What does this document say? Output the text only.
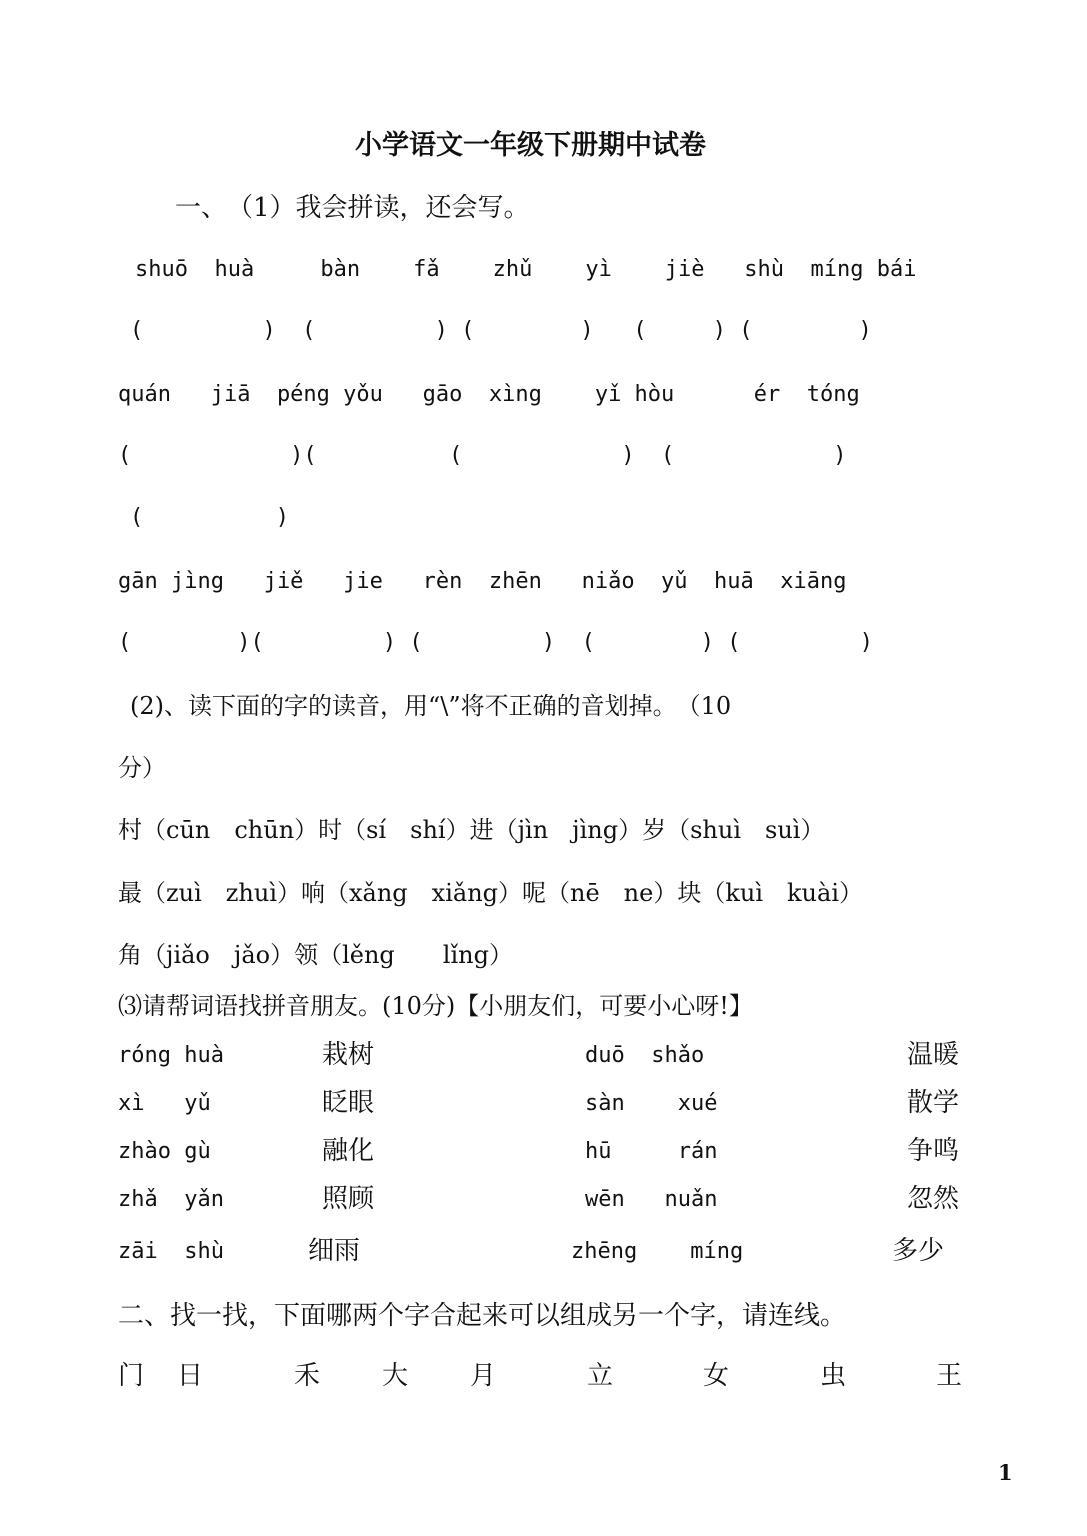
小学语文一年级下册期中试卷
一、　（1）我会拼读，还会写。
shuō  huà     bàn    fǎ    zhǔ    yì    jiè   shù  míng bái
(         )  (         ) (        )   (     ) (        )
quán   jiā  péng yǒu   gāo  xìng    yǐ hòu      ér  tóng
(            )(          (            )  (            )
(          )
gān jìng   jiě   jie   rèn  zhēn   niǎo  yǔ  huā  xiāng
(        )(         ) (         )  (        ) (         )
(2)、读下面的字的读音，用“\”将不正确的音划掉。　（10
分）
村（cūn　chūn）时（sí　shí）进（jìn　jìng）岁（shuì　suì）
最（zuì　zhuì）响（xǎng　xiǎng）呢（nē　ne）块（kuì　kuài）
角（jiǎo　jǎo）领（lěng　　lǐng）
⑶请帮词语找拼音朋友。(10分)【小朋友们，可要小心呀!】
róng huà	栽树	duō  shǎo	温暖
xì   yǔ	眨眼	sàn    xué	散学
zhào gù	融化	hū     rán	争鸣
zhǎ  yǎn	照顾	wēn   nuǎn	忽然
zāi  shù	细雨	zhēng    míng	多少
二、找一找，下面哪两个字合起来可以组成另一个字，请连线。
门 日	禾 大 月	立	女	虫	王
1
